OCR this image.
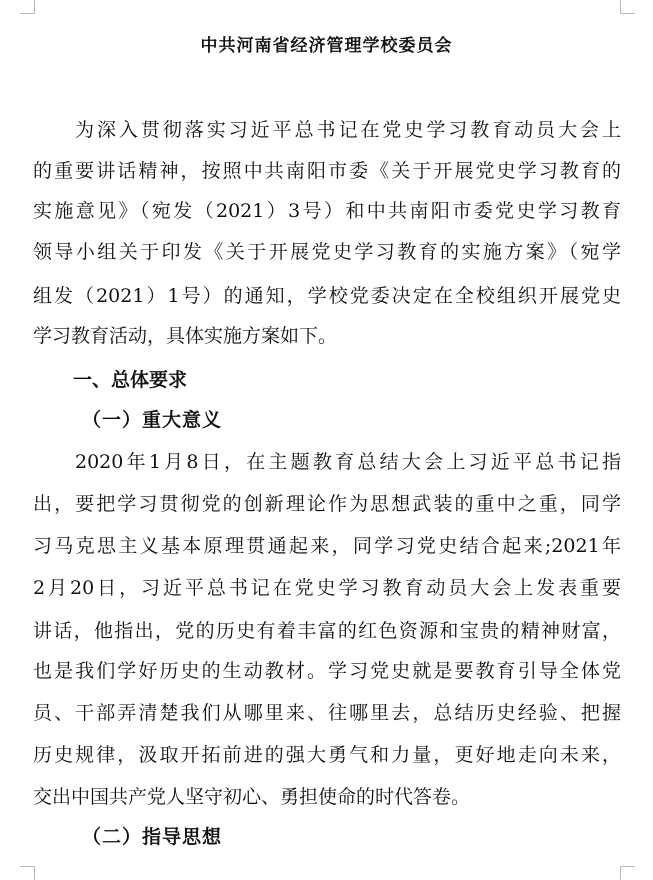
中共河南省经济管理学校委员会
为深入贯彻落实习近平总书记在党史学习教育动员大会上
的重要讲话精神，按照中共南阳市委《关于开展党史学习教育的
实施意见》（宛发（2021）3号）和中共南阳市委党史学习教育
领导小组关于印发《关于开展党史学习教育的实施方案》（宛学
组发（2021）1号）的通知，学校党委决定在全校组织开展党史
学习教育活动，具体实施方案如下。
一、总体要求
（一）重大意义
2020年1月8日，在主题教育总结大会上习近平总书记指
出，要把学习贯彻党的创新理论作为思想武装的重中之重，同学
习马克思主义基本原理贯通起来，同学习党史结合起来;2021年
2月20日，习近平总书记在党史学习教育动员大会上发表重要
讲话，他指出，党的历史有着丰富的红色资源和宝贵的精神财富，
也是我们学好历史的生动教材。学习党史就是要教育引导全体党
员、干部弄清楚我们从哪里来、往哪里去，总结历史经验、把握
历史规律，汲取开拓前进的强大勇气和力量，更好地走向未来，
交出中国共产党人坚守初心、勇担使命的时代答卷。
（二）指导思想
